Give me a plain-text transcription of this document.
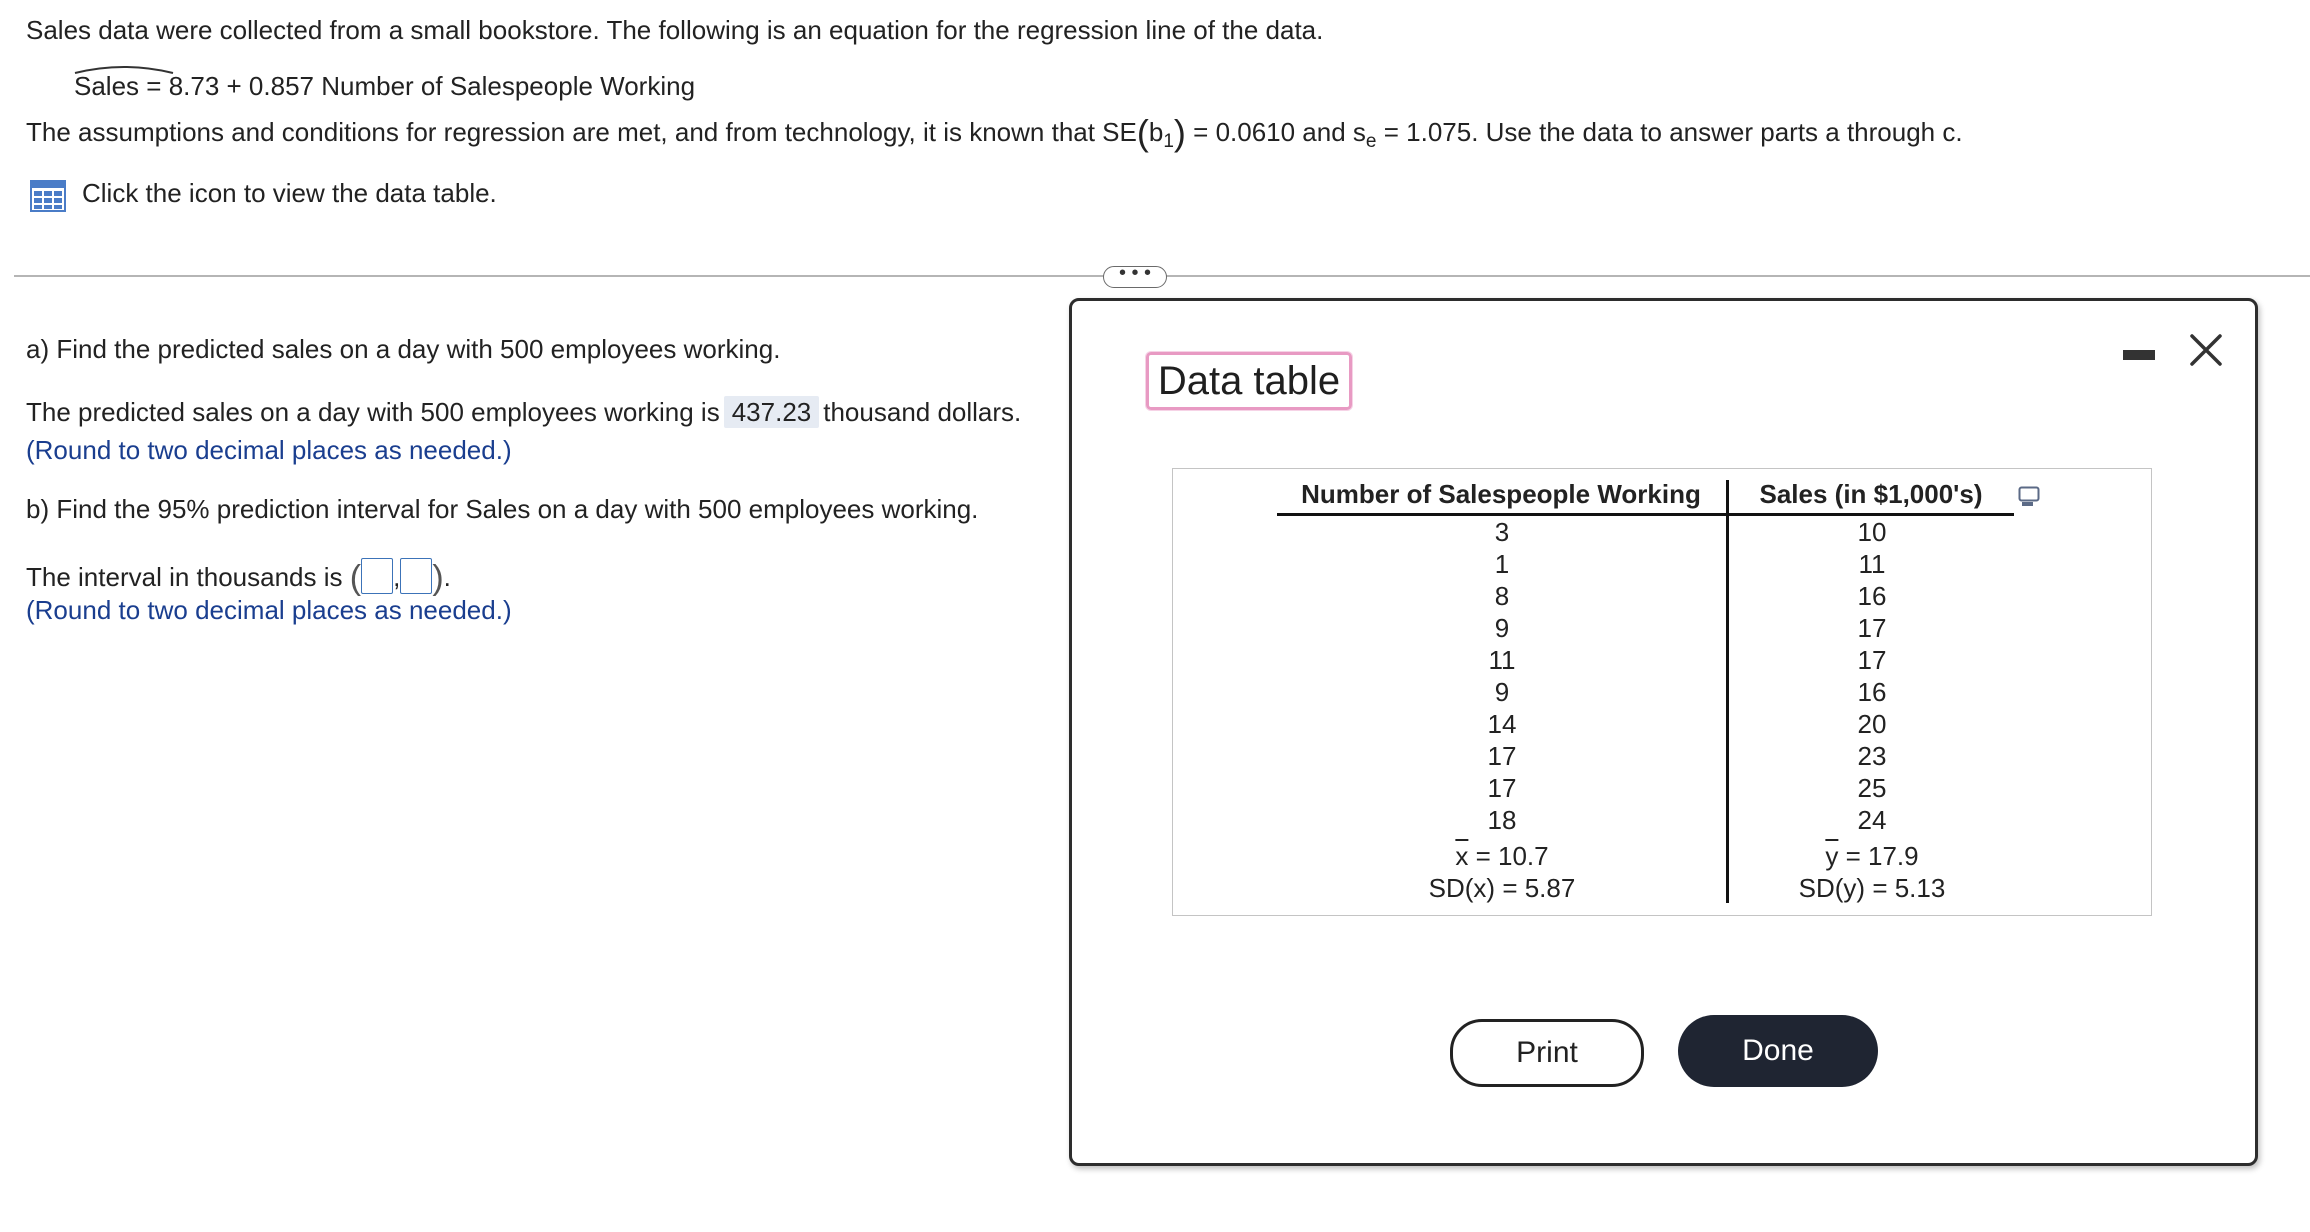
Sales data were collected from a small bookstore. The following is an equation for the regression line of the data.
Sales = 8.73 + 0.857 Number of Salespeople Working
The assumptions and conditions for regression are met, and from technology, it is known that $SE(b_1) = 0.0610$ and $s_e = 1.075$. Use the data to answer parts a through c.
Click the icon to view the data table.
• • •
a) Find the predicted sales on a day with 500 employees working.
The predicted sales on a day with 500 employees working is 437.23 thousand dollars.
(Round to two decimal places as needed.)
b) Find the 95% prediction interval for Sales on a day with 500 employees working.
The interval in thousands is ( , ).
(Round to two decimal places as needed.)
Data table
Number of Salespeople Working	Sales (in $1,000's)
3
1
8
9
11
9
14
17
17
18
$\overline{x} = 10.7$
SD(x) = 5.87
10
11
16
17
17
16
20
23
25
24
$\overline{y} = 17.9$
SD(y) = 5.13
Print	Done
